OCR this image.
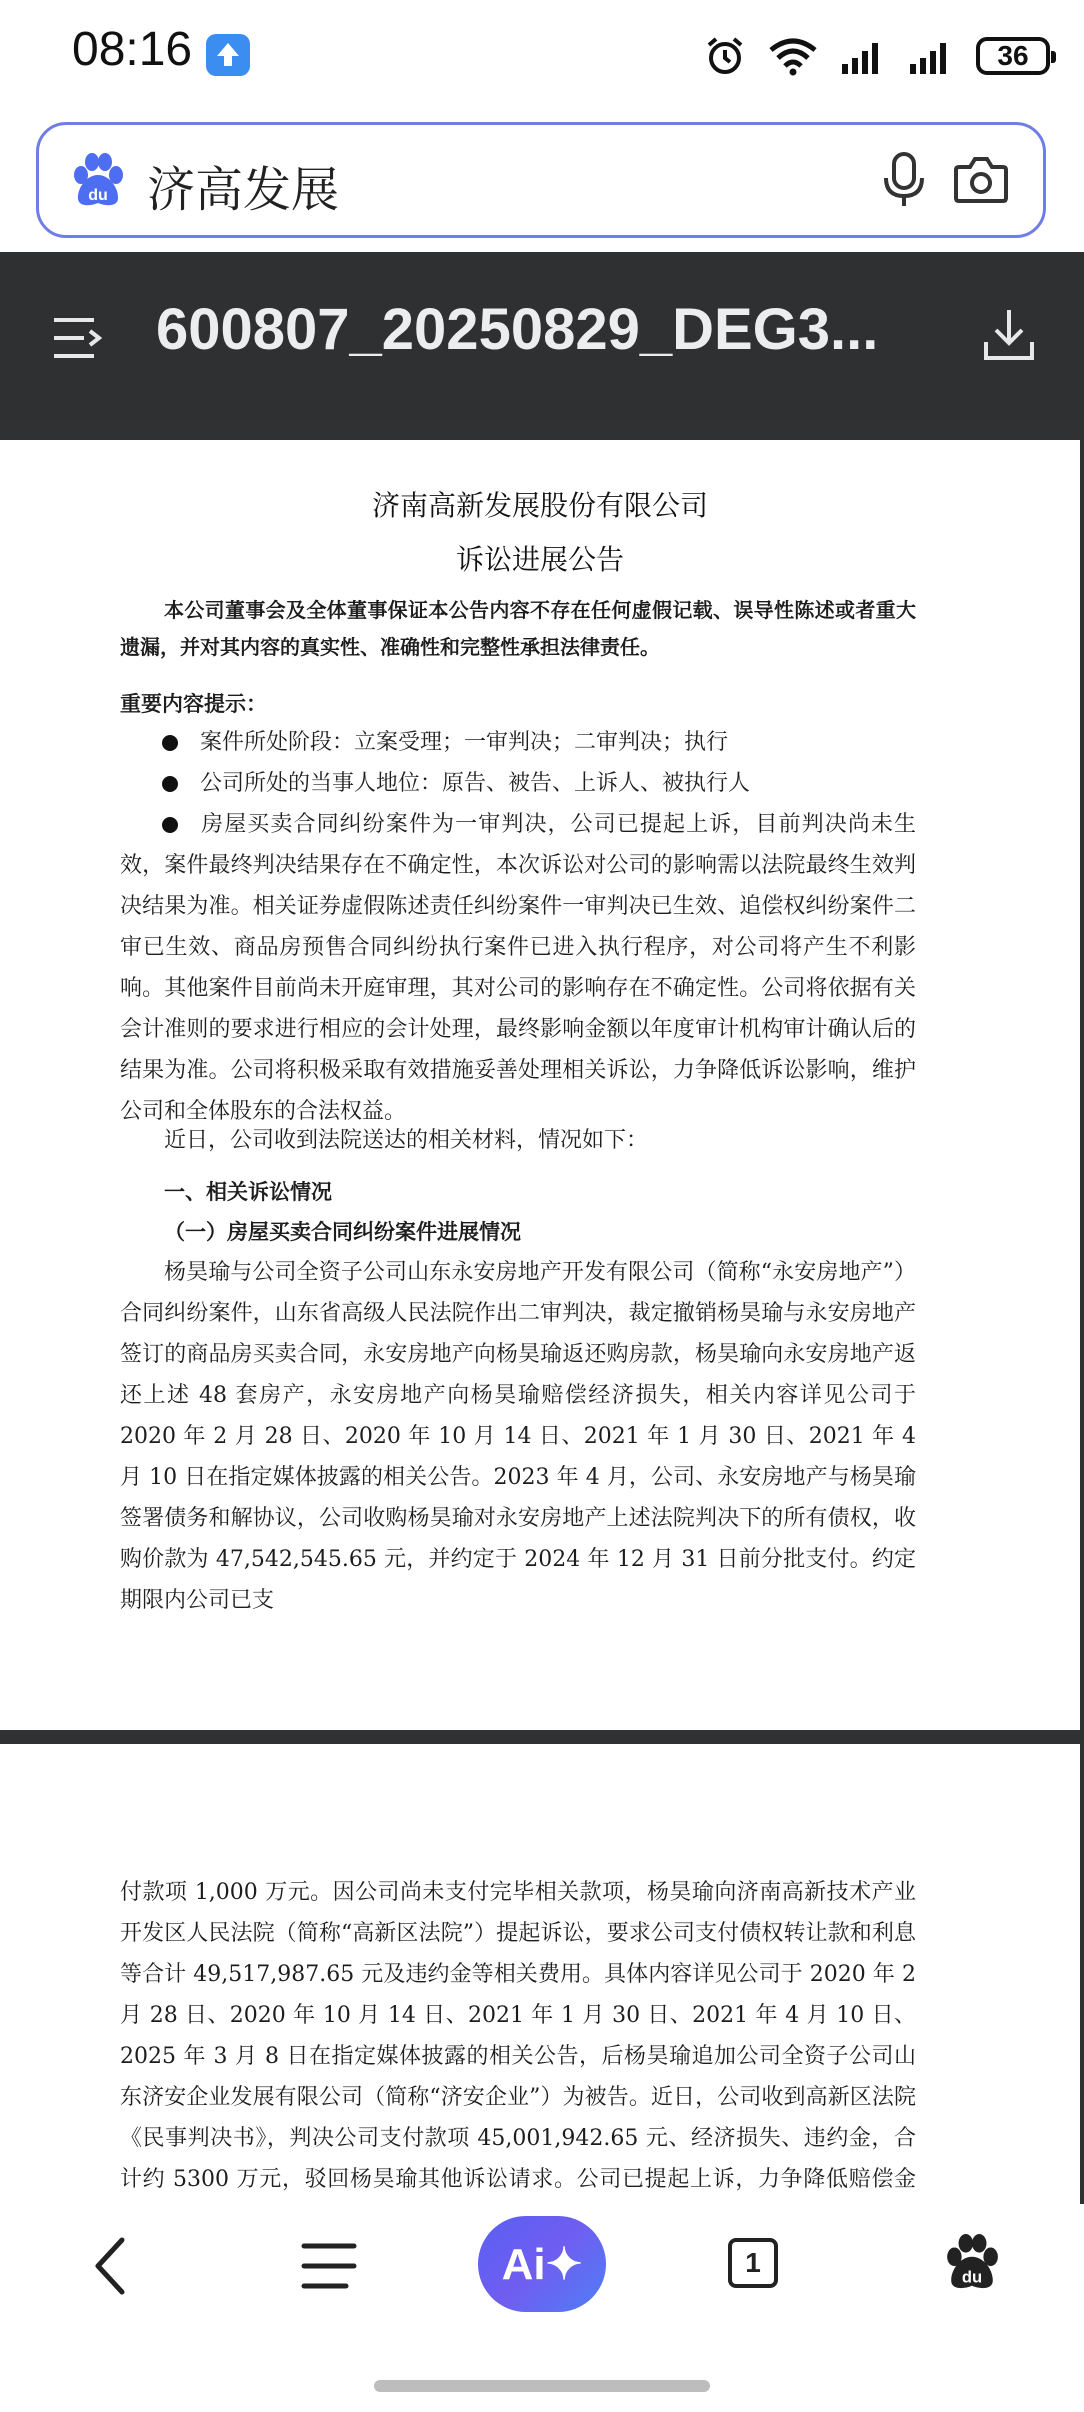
08:16	36
du 济高发展
600807_20250829_DEG3...
济南高新发展股份有限公司
诉讼进展公告
本公司董事会及全体董事保证本公告内容不存在任何虚假记载、误导性陈述或者重大遗漏，并对其内容的真实性、准确性和完整性承担法律责任。
重要内容提示：
案件所处阶段：立案受理；一审判决；二审判决；执行
公司所处的当事人地位：原告、被告、上诉人、被执行人
房屋买卖合同纠纷案件为一审判决，公司已提起上诉，目前判决尚未生效，案件最终判决结果存在不确定性，本次诉讼对公司的影响需以法院最终生效判决结果为准。相关证券虚假陈述责任纠纷案件一审判决已生效、追偿权纠纷案件二审已生效、商品房预售合同纠纷执行案件已进入执行程序，对公司将产生不利影响。其他案件目前尚未开庭审理，其对公司的影响存在不确定性。公司将依据有关会计准则的要求进行相应的会计处理，最终影响金额以年度审计机构审计确认后的结果为准。公司将积极采取有效措施妥善处理相关诉讼，力争降低诉讼影响，维护公司和全体股东的合法权益。
近日，公司收到法院送达的相关材料，情况如下：
一、相关诉讼情况
（一）房屋买卖合同纠纷案件进展情况
杨昊瑜与公司全资子公司山东永安房地产开发有限公司（简称“永安房地产”）合同纠纷案件，山东省高级人民法院作出二审判决，裁定撤销杨昊瑜与永安房地产签订的商品房买卖合同，永安房地产向杨昊瑜返还购房款，杨昊瑜向永安房地产返还上述 48 套房产，永安房地产向杨昊瑜赔偿经济损失，相关内容详见公司于 2020 年 2 月 28 日、2020 年 10 月 14 日、2021 年 1 月 30 日、2021 年 4 月 10 日在指定媒体披露的相关公告。2023 年 4 月，公司、永安房地产与杨昊瑜签署债务和解协议，公司收购杨昊瑜对永安房地产上述法院判决下的所有债权，收购价款为 47,542,545.65 元，并约定于 2024 年 12 月 31 日前分批支付。约定期限内公司已支
付款项 1,000 万元。因公司尚未支付完毕相关款项，杨昊瑜向济南高新技术产业开发区人民法院（简称“高新区法院”）提起诉讼，要求公司支付债权转让款和利息等合计 49,517,987.65 元及违约金等相关费用。具体内容详见公司于 2020 年 2 月 28 日、2020 年 10 月 14 日、2021 年 1 月 30 日、2021 年 4 月 10 日、2025 年 3 月 8 日在指定媒体披露的相关公告，后杨昊瑜追加公司全资子公司山东济安企业发展有限公司（简称“济安企业”）为被告。近日，公司收到高新区法院《民事判决书》，判决公司支付款项 45,001,942.65 元、经济损失、违约金，合计约 5300 万元，驳回杨昊瑜其他诉讼请求。公司已提起上诉，力争降低赔偿金
Ai✦	1	du
